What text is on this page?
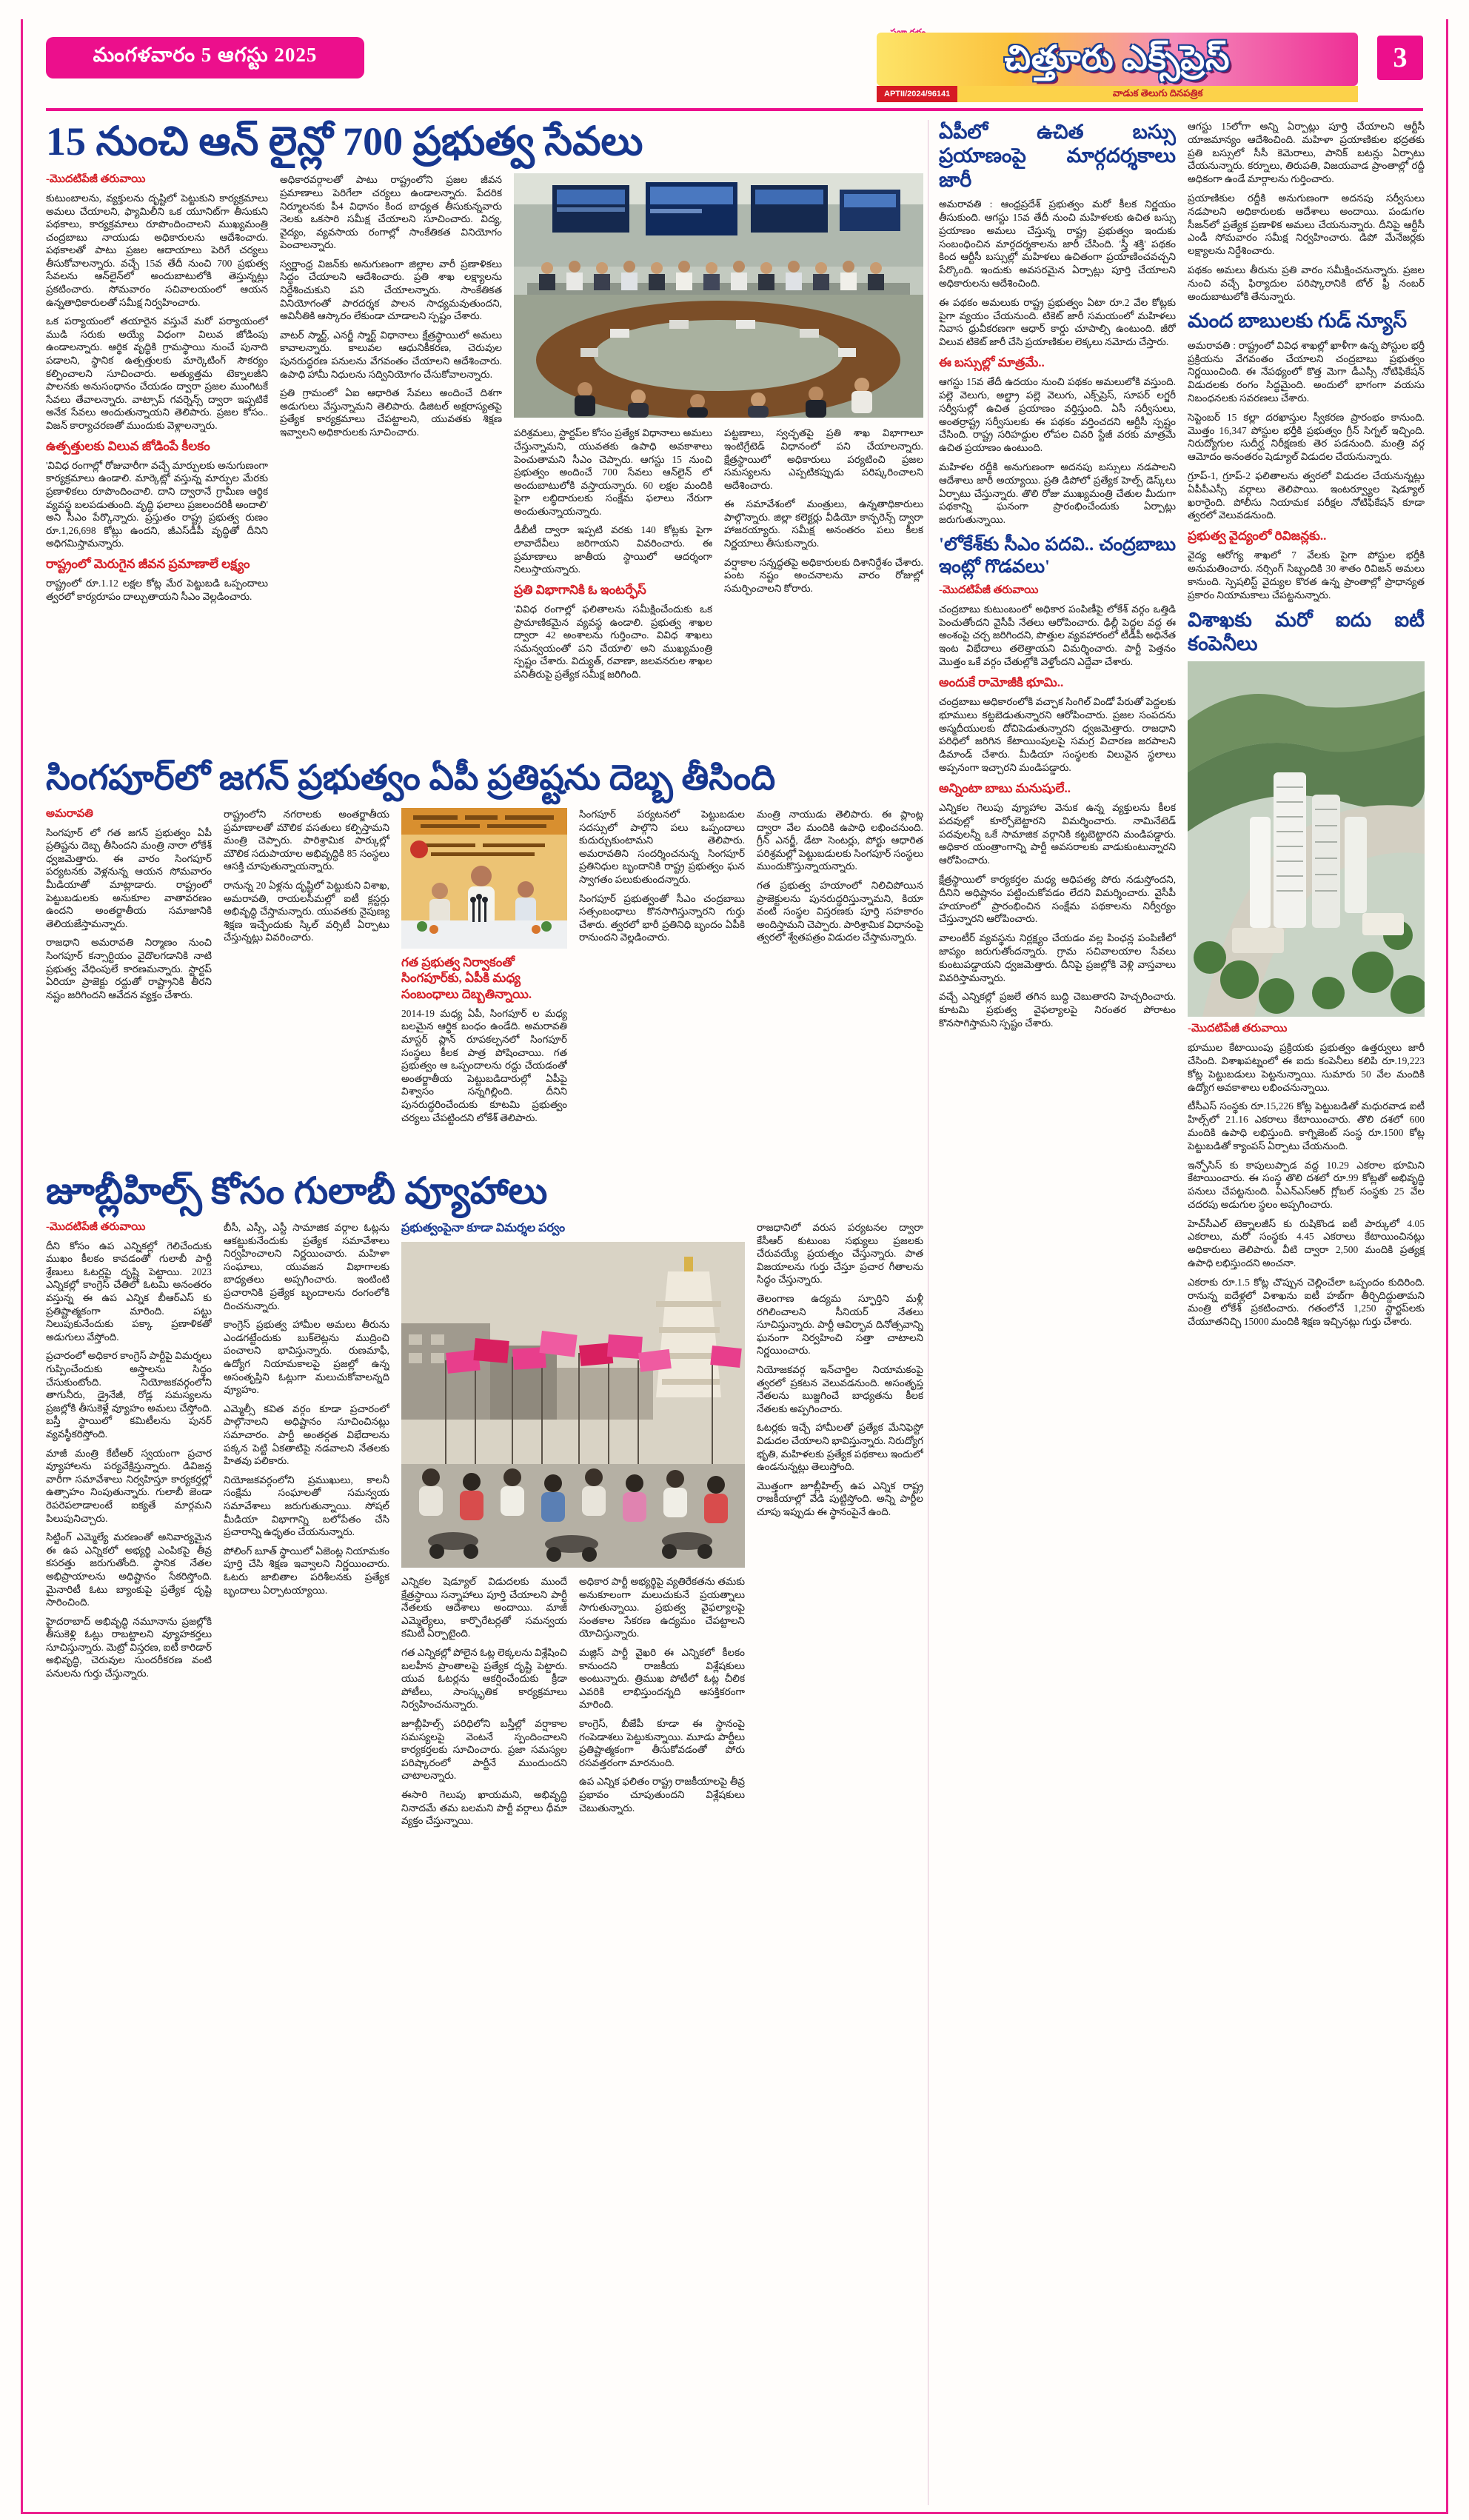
మంగళవారం 5 ఆగస్టు 2025	చిత్తూరు ఎక్స్‌ప్రెస్
APTII/2024/96141	వాడుక తెలుగు దినపత్రిక
3
15 నుంచి ఆన్ లైన్లో 700 ప్రభుత్వ సేవలు
-మొదటిపేజీ తరువాయి

కుటుంబాలను, వ్యక్తులను దృష్టిలో పెట్టుకుని కార్యక్రమాలు అమలు చేయాలని, ఫ్యామిలీని ఒక యూనిట్‌గా తీసుకుని పథకాలు, కార్యక్రమాలు రూపొందించాలని ముఖ్యమంత్రి చంద్రబాబు నాయుడు అధికారులను ఆదేశించారు. పథకాలతో పాటు ప్రజల ఆదాయాలు పెరిగే చర్యలు తీసుకోవాలన్నారు. వచ్చే 15వ తేదీ నుంచి 700 ప్రభుత్వ సేవలను ఆన్‌లైన్‌లో అందుబాటులోకి తెస్తున్నట్లు ప్రకటించారు. సోమవారం సచివాలయంలో ఆయన ఉన్నతాధికారులతో సమీక్ష నిర్వహించారు.

ఒక పర్యాయంలో తయారైన వస్తువే మరో పర్యాయంలో ముడి సరుకు అయ్యే విధంగా విలువ జోడింపు ఉండాలన్నారు. ఆర్థిక వృద్ధికి గ్రామస్థాయి నుంచే పునాది పడాలని, స్థానిక ఉత్పత్తులకు మార్కెటింగ్ సౌకర్యం కల్పించాలని సూచించారు. అత్యుత్తమ టెక్నాలజీని పాలనకు అనుసంధానం చేయడం ద్వారా ప్రజల ముంగిటకే సేవలు తేవాలన్నారు. వాట్సాప్ గవర్నెన్స్ ద్వారా ఇప్పటికే అనేక సేవలు అందుతున్నాయని తెలిపారు. ప్రజల కోసం.. విజన్ కార్యాచరణతో ముందుకు వెళ్లాలన్నారు.

ఉత్పత్తులకు విలువ జోడింపే కీలకం

'వివిధ రంగాల్లో రోజువారీగా వచ్చే మార్పులకు అనుగుణంగా కార్యక్రమాలు ఉండాలి. మార్కెట్లో వస్తున్న మార్పుల మేరకు ప్రణాళికలు రూపొందించాలి. దాని ద్వారానే గ్రామీణ ఆర్థిక వ్యవస్థ బలపడుతుంది. వృద్ధి ఫలాలు ప్రజలందరికీ అందాలి' అని సీఎం పేర్కొన్నారు. ప్రస్తుతం రాష్ట్ర ప్రభుత్వ రుణం రూ.1,26,698 కోట్లు ఉందని, జీఎస్‌డీపీ వృద్ధితో దీనిని అధిగమిస్తామన్నారు.

రాష్ట్రంలో మెరుగైన జీవన ప్రమాణాలే లక్ష్యం

రాష్ట్రంలో రూ.1.12 లక్షల కోట్ల మేర పెట్టుబడి ఒప్పందాలు త్వరలో కార్యరూపం దాల్చుతాయని సీఎం వెల్లడించారు.

అధికారవర్గాలతో పాటు రాష్ట్రంలోని ప్రజల జీవన ప్రమాణాలు పెరిగేలా చర్యలు ఉండాలన్నారు. పేదరిక నిర్మూలనకు పీ4 విధానం కింద బాధ్యత తీసుకున్నవారు నెలకు ఒకసారి సమీక్ష చేయాలని సూచించారు. విద్య, వైద్యం, వ్యవసాయ రంగాల్లో సాంకేతికత వినియోగం పెంచాలన్నారు.

స్వర్ణాంధ్ర విజన్‌కు అనుగుణంగా జిల్లాల వారీ ప్రణాళికలు సిద్ధం చేయాలని ఆదేశించారు. ప్రతి శాఖ లక్ష్యాలను నిర్దేశించుకుని పని చేయాలన్నారు. సాంకేతికత వినియోగంతో పారదర్శక పాలన సాధ్యమవుతుందని, అవినీతికి ఆస్కారం లేకుండా చూడాలని స్పష్టం చేశారు.

వాటర్ స్మార్ట్, ఎనర్జీ స్మార్ట్ విధానాలు క్షేత్రస్థాయిలో అమలు కావాలన్నారు. కాలువల ఆధునికీకరణ, చెరువుల పునరుద్ధరణ పనులను వేగవంతం చేయాలని ఆదేశించారు. ఉపాధి హామీ నిధులను సద్వినియోగం చేసుకోవాలన్నారు.

ప్రతి గ్రామంలో ఏఐ ఆధారిత సేవలు అందించే దిశగా అడుగులు వేస్తున్నామని తెలిపారు. డిజిటల్ అక్షరాస్యతపై ప్రత్యేక కార్యక్రమాలు చేపట్టాలని, యువతకు శిక్షణ ఇవ్వాలని అధికారులకు సూచించారు.	పరిశ్రమలు, స్టార్టప్‌ల కోసం ప్రత్యేక విధానాలు అమలు చేస్తున్నామని, యువతకు ఉపాధి అవకాశాలు పెంచుతామని సీఎం చెప్పారు. ఆగస్టు 15 నుంచి ప్రభుత్వం అందించే 700 సేవలు ఆన్‌లైన్ లో అందుబాటులోకి వస్తాయన్నారు. 60 లక్షల మందికి పైగా లబ్ధిదారులకు సంక్షేమ ఫలాలు నేరుగా అందుతున్నాయన్నారు.

డీబీటీ ద్వారా ఇప్పటి వరకు 140 కోట్లకు పైగా లావాదేవీలు జరిగాయని వివరించారు. ఈ ప్రమాణాలు జాతీయ స్థాయిలో ఆదర్శంగా నిలుస్తాయన్నారు.

ప్రతి విభాగానికి ఓ ఇంటర్ఫేస్

'వివిధ రంగాల్లో ఫలితాలను సమీక్షించేందుకు ఒక ప్రామాణికమైన వ్యవస్థ ఉండాలి. ప్రభుత్వ శాఖల ద్వారా 42 అంశాలను గుర్తించాం. వివిధ శాఖలు సమన్వయంతో పని చేయాలి' అని ముఖ్యమంత్రి స్పష్టం చేశారు. విద్యుత్, రవాణా, జలవనరుల శాఖల పనితీరుపై ప్రత్యేక సమీక్ష జరిగింది.

పట్టణాలు, స్వచ్ఛతపై ప్రతి శాఖ విభాగాలూ ఇంటిగ్రేటెడ్ విధానంలో పని చేయాలన్నారు. క్షేత్రస్థాయిలో అధికారులు పర్యటించి ప్రజల సమస్యలను ఎప్పటికప్పుడు పరిష్కరించాలని ఆదేశించారు.

ఈ సమావేశంలో మంత్రులు, ఉన్నతాధికారులు పాల్గొన్నారు. జిల్లా కలెక్టర్లు వీడియో కాన్ఫరెన్స్ ద్వారా హాజరయ్యారు. సమీక్ష అనంతరం పలు కీలక నిర్ణయాలు తీసుకున్నారు.

వర్షాకాల సన్నద్ధతపై అధికారులకు దిశానిర్దేశం చేశారు. పంట నష్టం అంచనాలను వారం రోజుల్లో సమర్పించాలని కోరారు.

సింగపూర్‌లో జగన్ ప్రభుత్వం ఏపీ ప్రతిష్టను దెబ్బ తీసింది
అమరావతి

సింగపూర్ లో గత జగన్ ప్రభుత్వం ఏపీ ప్రతిష్టను దెబ్బ తీసిందని మంత్రి నారా లోకేశ్ ధ్వజమెత్తారు. ఈ వారం సింగపూర్ పర్యటనకు వెళ్లనున్న ఆయన సోమవారం మీడియాతో మాట్లాడారు. రాష్ట్రంలో పెట్టుబడులకు అనుకూల వాతావరణం ఉందని అంతర్జాతీయ సమాజానికి తెలియజేస్తామన్నారు.

రాజధాని అమరావతి నిర్మాణం నుంచి సింగపూర్ కన్సార్టియం వైదొలగడానికి నాటి ప్రభుత్వ వేధింపులే కారణమన్నారు. స్టార్టప్ ఏరియా ప్రాజెక్టు రద్దుతో రాష్ట్రానికి తీరని నష్టం జరిగిందని ఆవేదన వ్యక్తం చేశారు.

రాష్ట్రంలోని నగరాలకు అంతర్జాతీయ ప్రమాణాలతో మౌలిక వసతులు కల్పిస్తామని మంత్రి చెప్పారు. పారిశ్రామిక పార్కుల్లో మౌలిక సదుపాయాల అభివృద్ధికి 85 సంస్థలు ఆసక్తి చూపుతున్నాయన్నారు.

రానున్న 20 ఏళ్లను దృష్టిలో పెట్టుకుని విశాఖ, అమరావతి, రాయలసీమల్లో ఐటీ క్లస్టర్లు అభివృద్ధి చేస్తామన్నారు. యువతకు నైపుణ్య శిక్షణ ఇచ్చేందుకు స్కిల్ వర్సిటీ ఏర్పాటు చేస్తున్నట్లు వివరించారు.

గత ప్రభుత్వ నిర్వాకంతో సింగపూర్‌కు, ఏపీకి మధ్య సంబంధాలు దెబ్బతిన్నాయి.

2014-19 మధ్య ఏపీ, సింగపూర్ ల మధ్య బలమైన ఆర్థిక బంధం ఉండేది. అమరావతి మాస్టర్ ప్లాన్ రూపకల్పనలో సింగపూర్ సంస్థలు కీలక పాత్ర పోషించాయి. గత ప్రభుత్వం ఆ ఒప్పందాలను రద్దు చేయడంతో అంతర్జాతీయ పెట్టుబడిదారుల్లో ఏపీపై విశ్వాసం సన్నగిల్లింది. దీనిని పునరుద్ధరించేందుకు కూటమి ప్రభుత్వం చర్యలు చేపట్టిందని లోకేశ్ తెలిపారు.

సింగపూర్ పర్యటనలో పెట్టుబడుల సదస్సులో పాల్గొని పలు ఒప్పందాలు కుదుర్చుకుంటామని తెలిపారు. అమరావతిని సందర్శించనున్న సింగపూర్ ప్రతినిధుల బృందానికి రాష్ట్ర ప్రభుత్వం ఘన స్వాగతం పలుకుతుందన్నారు.

సింగపూర్ ప్రభుత్వంతో సీఎం చంద్రబాబు సత్సంబంధాలు కొనసాగిస్తున్నారని గుర్తు చేశారు. త్వరలో భారీ ప్రతినిధి బృందం ఏపీకి రానుందని వెల్లడించారు.

మంత్రి నాయుడు తెలిపారు. ఈ ప్లాంట్ల ద్వారా వేల మందికి ఉపాధి లభించనుంది. గ్రీన్ ఎనర్జీ, డేటా సెంటర్లు, పోర్టు ఆధారిత పరిశ్రమల్లో పెట్టుబడులకు సింగపూర్ సంస్థలు ముందుకొస్తున్నాయన్నారు.

గత ప్రభుత్వ హయాంలో నిలిచిపోయిన ప్రాజెక్టులను పునరుద్ధరిస్తున్నామని, కియా వంటి సంస్థల విస్తరణకు పూర్తి సహకారం అందిస్తామని చెప్పారు. పారిశ్రామిక విధానంపై త్వరలో శ్వేతపత్రం విడుదల చేస్తామన్నారు.

జూబ్లీహిల్స్ కోసం గులాబీ వ్యూహాలు
-మొదటిపేజీ తరువాయి

దీని కోసం ఉప ఎన్నికల్లో గెలిచేందుకు ముఖం కీలకం కావడంతో గులాబీ పార్టీ శ్రేణులు ఓటర్లపై దృష్టి పెట్టాయి. 2023 ఎన్నికల్లో కాంగ్రెస్ చేతిలో ఓటమి అనంతరం వస్తున్న ఈ ఉప ఎన్నిక బీఆర్ఎస్ కు ప్రతిష్టాత్మకంగా మారింది. పట్టు నిలుపుకునేందుకు పక్కా ప్రణాళికతో అడుగులు వేస్తోంది.

ప్రచారంలో అధికార కాంగ్రెస్ పార్టీపై విమర్శలు గుప్పించేందుకు అస్త్రాలను సిద్ధం చేసుకుంటోంది. నియోజకవర్గంలోని తాగునీరు, డ్రైనేజీ, రోడ్ల సమస్యలను ప్రజల్లోకి తీసుకెళ్లే వ్యూహం అమలు చేస్తోంది. బస్తీ స్థాయిలో కమిటీలను పునర్ వ్యవస్థీకరిస్తోంది.

మాజీ మంత్రి కేటీఆర్ స్వయంగా ప్రచార వ్యూహాలను పర్యవేక్షిస్తున్నారు. డివిజన్ల వారీగా సమావేశాలు నిర్వహిస్తూ కార్యకర్తల్లో ఉత్సాహం నింపుతున్నారు. గులాబీ జెండా రెపరెపలాడాలంటే ఐక్యతే మార్గమని పిలుపునిచ్చారు.

సిట్టింగ్ ఎమ్మెల్యే మరణంతో అనివార్యమైన ఈ ఉప ఎన్నికలో అభ్యర్థి ఎంపికపై తీవ్ర కసరత్తు జరుగుతోంది. స్థానిక నేతల అభిప్రాయాలను అధిష్టానం సేకరిస్తోంది. మైనారిటీ ఓటు బ్యాంకుపై ప్రత్యేక దృష్టి సారించింది.

హైదరాబాద్ అభివృద్ధి నమూనాను ప్రజల్లోకి తీసుకెళ్లి ఓట్లు రాబట్టాలని వ్యూహకర్తలు సూచిస్తున్నారు. మెట్రో విస్తరణ, ఐటీ కారిడార్ అభివృద్ధి, చెరువుల సుందరీకరణ వంటి పనులను గుర్తు చేస్తున్నారు.

బీసీ, ఎస్సీ, ఎస్టీ సామాజిక వర్గాల ఓట్లను ఆకట్టుకునేందుకు ప్రత్యేక సమావేశాలు నిర్వహించాలని నిర్ణయించారు. మహిళా సంఘాలు, యువజన విభాగాలకు బాధ్యతలు అప్పగించారు. ఇంటింటి ప్రచారానికి ప్రత్యేక బృందాలను రంగంలోకి దించనున్నారు.

కాంగ్రెస్ ప్రభుత్వ హామీల అమలు తీరును ఎండగట్టేందుకు బుక్‌లెట్లను ముద్రించి పంచాలని భావిస్తున్నారు. రుణమాఫీ, ఉద్యోగ నియామకాలపై ప్రజల్లో ఉన్న అసంతృప్తిని ఓట్లుగా మలుచుకోవాలన్నది వ్యూహం.

ఎమ్మెల్సీ కవిత వర్గం కూడా ప్రచారంలో పాల్గొనాలని అధిష్టానం సూచించినట్లు సమాచారం. పార్టీ అంతర్గత విభేదాలను పక్కన పెట్టి ఏకతాటిపై నడవాలని నేతలకు హితవు పలికారు.

నియోజకవర్గంలోని ప్రముఖులు, కాలనీ సంక్షేమ సంఘాలతో సమన్వయ సమావేశాలు జరుగుతున్నాయి. సోషల్ మీడియా విభాగాన్ని బలోపేతం చేసి ప్రచారాన్ని ఉధృతం చేయనున్నారు.

పోలింగ్ బూత్ స్థాయిలో ఏజెంట్ల నియామకం పూర్తి చేసి శిక్షణ ఇవ్వాలని నిర్ణయించారు. ఓటరు జాబితాల పరిశీలనకు ప్రత్యేక బృందాలు ఏర్పాటయ్యాయి.

ప్రభుత్వంపైనా కూడా విమర్శల పర్వం

ఎన్నికల షెడ్యూల్ విడుదలకు ముందే క్షేత్రస్థాయి సన్నాహాలు పూర్తి చేయాలని పార్టీ నేతలకు ఆదేశాలు అందాయి. మాజీ ఎమ్మెల్యేలు, కార్పొరేటర్లతో సమన్వయ కమిటీ ఏర్పాటైంది.

గత ఎన్నికల్లో పోలైన ఓట్ల లెక్కలను విశ్లేషించి బలహీన ప్రాంతాలపై ప్రత్యేక దృష్టి పెట్టారు. యువ ఓటర్లను ఆకర్షించేందుకు క్రీడా పోటీలు, సాంస్కృతిక కార్యక్రమాలు నిర్వహించనున్నారు.

జూబ్లీహిల్స్ పరిధిలోని బస్తీల్లో వర్షాకాల సమస్యలపై వెంటనే స్పందించాలని కార్యకర్తలకు సూచించారు. ప్రజా సమస్యల పరిష్కారంలో పార్టీనే ముందుందని చాటాలన్నారు.

ఈసారి గెలుపు ఖాయమని, అభివృద్ధి నినాదమే తమ బలమని పార్టీ వర్గాలు ధీమా వ్యక్తం చేస్తున్నాయి.

అధికార పార్టీ అభ్యర్థిపై వ్యతిరేకతను తమకు అనుకూలంగా మలుచుకునే ప్రయత్నాలు సాగుతున్నాయి. ప్రభుత్వ వైఫల్యాలపై సంతకాల సేకరణ ఉద్యమం చేపట్టాలని యోచిస్తున్నారు.

మజ్లిస్ పార్టీ వైఖరి ఈ ఎన్నికలో కీలకం కానుందని రాజకీయ విశ్లేషకులు అంటున్నారు. త్రిముఖ పోటీలో ఓట్ల చీలిక ఎవరికి లాభిస్తుందన్నది ఆసక్తికరంగా మారింది.

కాంగ్రెస్, బీజేపీ కూడా ఈ స్థానంపై గంపెడాశలు పెట్టుకున్నాయి. మూడు పార్టీలు ప్రతిష్టాత్మకంగా తీసుకోవడంతో పోరు రసవత్తరంగా మారనుంది.

ఉప ఎన్నిక ఫలితం రాష్ట్ర రాజకీయాలపై తీవ్ర ప్రభావం చూపుతుందని విశ్లేషకులు చెబుతున్నారు.

రాజధానిలో వరుస పర్యటనల ద్వారా కేసీఆర్ కుటుంబ సభ్యులు ప్రజలకు చేరువయ్యే ప్రయత్నం చేస్తున్నారు. పాత విజయాలను గుర్తు చేస్తూ ప్రచార గీతాలను సిద్ధం చేస్తున్నారు.

తెలంగాణ ఉద్యమ స్ఫూర్తిని మళ్లీ రగిలించాలని సీనియర్ నేతలు సూచిస్తున్నారు. పార్టీ ఆవిర్భావ దినోత్సవాన్ని ఘనంగా నిర్వహించి సత్తా చాటాలని నిర్ణయించారు.

నియోజకవర్గ ఇన్‌చార్జిల నియామకంపై త్వరలో ప్రకటన వెలువడనుంది. అసంతృప్త నేతలను బుజ్జగించే బాధ్యతను కీలక నేతలకు అప్పగించారు.

ఓటర్లకు ఇచ్చే హామీలతో ప్రత్యేక మేనిఫెస్టో విడుదల చేయాలని భావిస్తున్నారు. నిరుద్యోగ భృతి, మహిళలకు ప్రత్యేక పథకాలు ఇందులో ఉండనున్నట్లు తెలుస్తోంది.

మొత్తంగా జూబ్లీహిల్స్ ఉప ఎన్నిక రాష్ట్ర రాజకీయాల్లో వేడి పుట్టిస్తోంది. అన్ని పార్టీల చూపు ఇప్పుడు ఈ స్థానంపైనే ఉంది.

ఏపీలో ఉచిత బస్సు ప్రయాణంపై మార్గదర్శకాలు జారీ

అమరావతి : ఆంధ్రప్రదేశ్ ప్రభుత్వం మరో కీలక నిర్ణయం తీసుకుంది. ఆగస్టు 15వ తేదీ నుంచి మహిళలకు ఉచిత బస్సు ప్రయాణం అమలు చేస్తున్న రాష్ట్ర ప్రభుత్వం ఇందుకు సంబంధించిన మార్గదర్శకాలను జారీ చేసింది. 'స్త్రీ శక్తి' పథకం కింద ఆర్టీసీ బస్సుల్లో మహిళలు ఉచితంగా ప్రయాణించవచ్చని పేర్కొంది. ఇందుకు అవసరమైన ఏర్పాట్లు పూర్తి చేయాలని అధికారులను ఆదేశించింది.

ఈ పథకం అమలుకు రాష్ట్ర ప్రభుత్వం ఏటా రూ.2 వేల కోట్లకు పైగా వ్యయం చేయనుంది. టికెట్ జారీ సమయంలో మహిళలు నివాస ధ్రువీకరణగా ఆధార్ కార్డు చూపాల్సి ఉంటుంది. జీరో విలువ టికెట్ జారీ చేసి ప్రయాణికుల లెక్కలు నమోదు చేస్తారు.

ఈ బస్సుల్లో మాత్రమే..

ఆగస్టు 15వ తేదీ ఉదయం నుంచి పథకం అమలులోకి వస్తుంది. పల్లె వెలుగు, అల్ట్రా పల్లె వెలుగు, ఎక్స్‌ప్రెస్, సూపర్ లగ్జరీ సర్వీసుల్లో ఉచిత ప్రయాణం వర్తిస్తుంది. ఏసీ సర్వీసులు, అంతర్రాష్ట్ర సర్వీసులకు ఈ పథకం వర్తించదని ఆర్టీసీ స్పష్టం చేసింది. రాష్ట్ర సరిహద్దుల లోపల చివరి స్టేజీ వరకు మాత్రమే ఉచిత ప్రయాణం ఉంటుంది.

మహిళల రద్దీకి అనుగుణంగా అదనపు బస్సులు నడపాలని ఆదేశాలు జారీ అయ్యాయి. ప్రతి డిపోలో ప్రత్యేక హెల్ప్ డెస్క్‌లు ఏర్పాటు చేస్తున్నారు. తొలి రోజు ముఖ్యమంత్రి చేతుల మీదుగా పథకాన్ని ఘనంగా ప్రారంభించేందుకు ఏర్పాట్లు జరుగుతున్నాయి.

'లోకేశ్‌కు సీఎం పదవి.. చంద్రబాబు ఇంట్లో గొడవలు'
-మొదటిపేజీ తరువాయి

చంద్రబాబు కుటుంబంలో అధికార పంపిణీపై లోకేశ్ వర్గం ఒత్తిడి పెంచుతోందని వైసీపీ నేతలు ఆరోపించారు. ఢిల్లీ పెద్దల వద్ద ఈ అంశంపై చర్చ జరిగిందని, పొత్తుల వ్యవహారంలో టీడీపీ అధినేత ఇంట విభేదాలు తలెత్తాయని విమర్శించారు. పార్టీ పెత్తనం మొత్తం ఒకే వర్గం చేతుల్లోకి వెళ్తోందని ఎద్దేవా చేశారు.

అందుకే రామోజీకి భూమి..

చంద్రబాబు అధికారంలోకి వచ్చాక సింగిల్ విండో పేరుతో పెద్దలకు భూములు కట్టబెడుతున్నారని ఆరోపించారు. ప్రజల సంపదను అస్మదీయులకు దోచిపెడుతున్నారని ధ్వజమెత్తారు. రాజధాని పరిధిలో జరిగిన కేటాయింపులపై సమగ్ర విచారణ జరపాలని డిమాండ్ చేశారు. మీడియా సంస్థలకు విలువైన స్థలాలు అప్పనంగా ఇచ్చారని మండిపడ్డారు.

అన్నింటా బాబు మనుషులే..

ఎన్నికల గెలుపు వ్యూహాల వెనుక ఉన్న వ్యక్తులను కీలక పదవుల్లో కూర్చోబెట్టారని విమర్శించారు. నామినేటెడ్ పదవులన్నీ ఒకే సామాజిక వర్గానికి కట్టబెట్టారని మండిపడ్డారు. అధికార యంత్రాంగాన్ని పార్టీ అవసరాలకు వాడుకుంటున్నారని ఆరోపించారు.

క్షేత్రస్థాయిలో కార్యకర్తల మధ్య ఆధిపత్య పోరు నడుస్తోందని, దీనిని అధిష్టానం పట్టించుకోవడం లేదని విమర్శించారు. వైసీపీ హయాంలో ప్రారంభించిన సంక్షేమ పథకాలను నిర్వీర్యం చేస్తున్నారని ఆరోపించారు.

వాలంటీర్ వ్యవస్థను నిర్లక్ష్యం చేయడం వల్ల పింఛన్ల పంపిణీలో జాప్యం జరుగుతోందన్నారు. గ్రామ సచివాలయాల సేవలు కుంటుపడ్డాయని ధ్వజమెత్తారు. దీనిపై ప్రజల్లోకి వెళ్లి వాస్తవాలు వివరిస్తామన్నారు.

వచ్చే ఎన్నికల్లో ప్రజలే తగిన బుద్ధి చెబుతారని హెచ్చరించారు. కూటమి ప్రభుత్వ వైఫల్యాలపై నిరంతర పోరాటం కొనసాగిస్తామని స్పష్టం చేశారు.

ఆగస్టు 15లోగా అన్ని ఏర్పాట్లు పూర్తి చేయాలని ఆర్టీసీ యాజమాన్యం ఆదేశించింది. మహిళా ప్రయాణికుల భద్రతకు ప్రతి బస్సులో సీసీ కెమెరాలు, పానిక్ బటన్లు ఏర్పాటు చేయనున్నారు. కర్నూలు, తిరుపతి, విజయవాడ ప్రాంతాల్లో రద్దీ అధికంగా ఉండే మార్గాలను గుర్తించారు.

ప్రయాణికుల రద్దీకి అనుగుణంగా అదనపు సర్వీసులు నడపాలని అధికారులకు ఆదేశాలు అందాయి. పండుగల సీజన్‌లో ప్రత్యేక ప్రణాళిక అమలు చేయనున్నారు. దీనిపై ఆర్టీసీ ఎండీ సోమవారం సమీక్ష నిర్వహించారు. డిపో మేనేజర్లకు లక్ష్యాలను నిర్దేశించారు.

పథకం అమలు తీరును ప్రతి వారం సమీక్షించనున్నారు. ప్రజల నుంచి వచ్చే ఫిర్యాదుల పరిష్కారానికి టోల్ ఫ్రీ నంబర్ అందుబాటులోకి తేనున్నారు.

మంద బాబులకు గుడ్ న్యూస్

అమరావతి : రాష్ట్రంలో వివిధ శాఖల్లో ఖాళీగా ఉన్న పోస్టుల భర్తీ ప్రక్రియను వేగవంతం చేయాలని చంద్రబాబు ప్రభుత్వం నిర్ణయించింది. ఈ నేపథ్యంలో కొత్త మెగా డీఎస్సీ నోటిఫికేషన్ విడుదలకు రంగం సిద్ధమైంది. అందులో భాగంగా వయసు నిబంధనలకు సవరణలు చేశారు.

సెప్టెంబర్ 15 కల్లా దరఖాస్తుల స్వీకరణ ప్రారంభం కానుంది. మొత్తం 16,347 పోస్టుల భర్తీకి ప్రభుత్వం గ్రీన్ సిగ్నల్ ఇచ్చింది. నిరుద్యోగుల సుదీర్ఘ నిరీక్షణకు తెర పడనుంది. మంత్రి వర్గ ఆమోదం అనంతరం షెడ్యూల్ విడుదల చేయనున్నారు.

గ్రూప్-1, గ్రూప్-2 ఫలితాలను త్వరలో విడుదల చేయనున్నట్లు ఏపీపీఎస్సీ వర్గాలు తెలిపాయి. ఇంటర్వ్యూల షెడ్యూల్ ఖరారైంది. పోలీసు నియామక పరీక్షల నోటిఫికేషన్ కూడా త్వరలో వెలువడనుంది.

ప్రభుత్వ వైద్యంలో రివిజన్లకు..

వైద్య ఆరోగ్య శాఖలో 7 వేలకు పైగా పోస్టుల భర్తీకి అనుమతించారు. నర్సింగ్ సిబ్బందికి 30 శాతం రివిజన్ అమలు కానుంది. స్పెషలిస్ట్ వైద్యుల కొరత ఉన్న ప్రాంతాల్లో ప్రాధాన్యత ప్రకారం నియామకాలు చేపట్టనున్నారు.

విశాఖకు మరో ఐదు ఐటీ కంపెనీలు
-మొదటిపేజీ తరువాయి

భూముల కేటాయింపు ప్రక్రియకు ప్రభుత్వం ఉత్తర్వులు జారీ చేసింది. విశాఖపట్నంలో ఈ ఐదు కంపెనీలు కలిపి రూ.19,223 కోట్ల పెట్టుబడులు పెట్టనున్నాయి. సుమారు 50 వేల మందికి ఉద్యోగ అవకాశాలు లభించనున్నాయి.

టీసీఎస్ సంస్థకు రూ.15,226 కోట్ల పెట్టుబడితో మధురవాడ ఐటీ హిల్స్‌లో 21.16 ఎకరాలు కేటాయించారు. తొలి దశలో 600 మందికి ఉపాధి లభిస్తుంది. కాగ్నిజెంట్ సంస్థ రూ.1500 కోట్ల పెట్టుబడితో క్యాంపస్ ఏర్పాటు చేయనుంది.

ఇన్ఫోసిస్ కు కాపులుప్పాడ వద్ద 10.29 ఎకరాల భూమిని కేటాయించారు. ఈ సంస్థ తొలి దశలో రూ.99 కోట్లతో అభివృద్ధి పనులు చేపట్టనుంది. ఏఎన్ఎస్ఆర్ గ్లోబల్ సంస్థకు 25 వేల చదరపు అడుగుల స్థలం అప్పగించారు.

హెచ్‌సీఎల్ టెక్నాలజీస్ కు రుషికొండ ఐటీ పార్కులో 4.05 ఎకరాలు, మరో సంస్థకు 4.45 ఎకరాలు కేటాయించినట్లు అధికారులు తెలిపారు. వీటి ద్వారా 2,500 మందికి ప్రత్యక్ష ఉపాధి లభిస్తుందని అంచనా.

ఎకరాకు రూ.1.5 కోట్ల చొప్పున చెల్లించేలా ఒప్పందం కుదిరింది. రానున్న ఐదేళ్లలో విశాఖను ఐటీ హబ్‌గా తీర్చిదిద్దుతామని మంత్రి లోకేశ్ ప్రకటించారు. గతంలోనే 1,250 స్టార్టప్‌లకు చేయూతనిచ్చి 15000 మందికి శిక్షణ ఇచ్చినట్లు గుర్తు చేశారు.
